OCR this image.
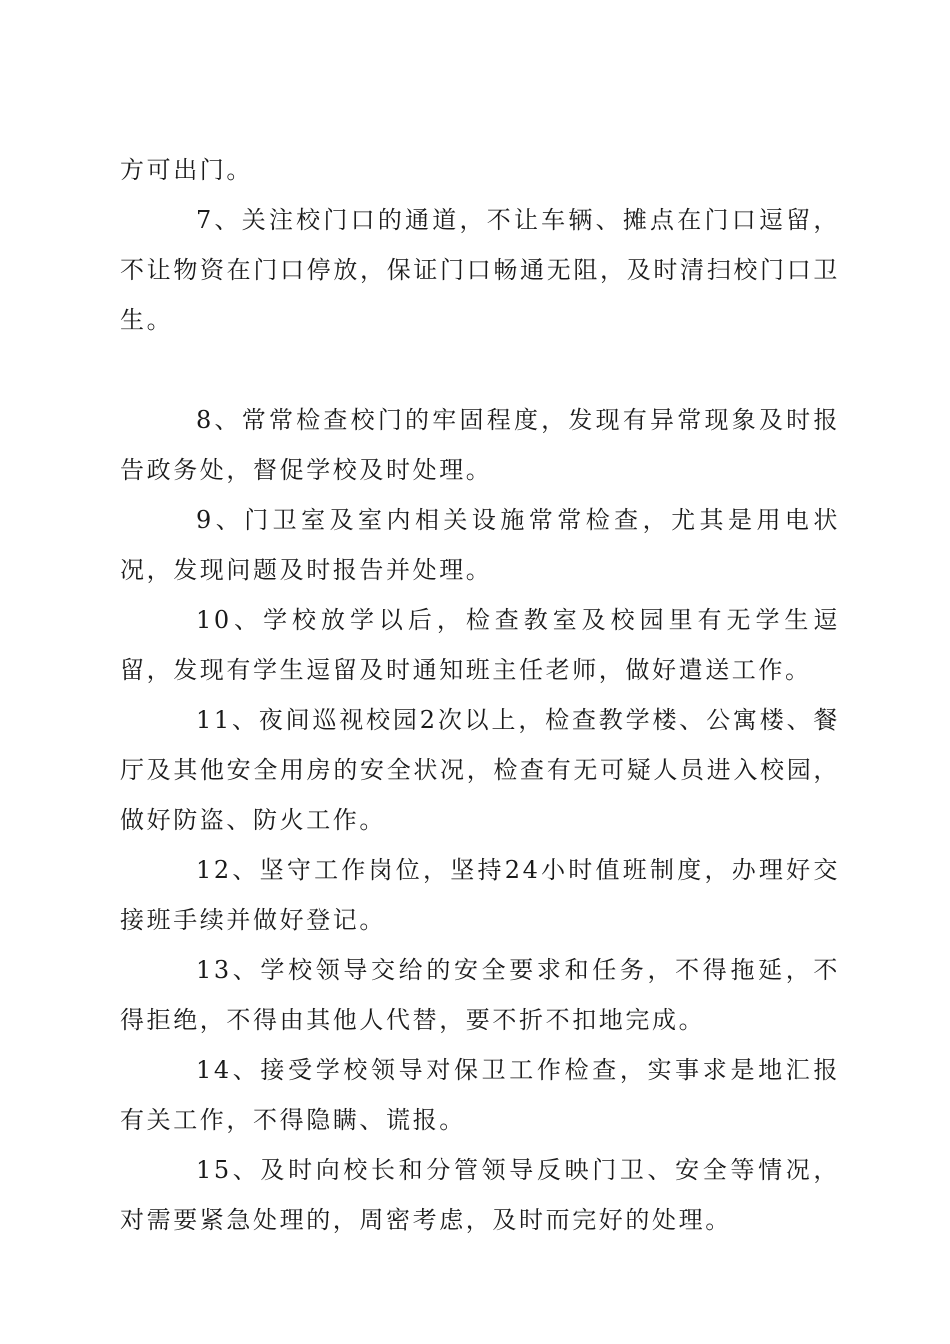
方可出门。

7、关注校门口的通道，不让车辆、摊点在门口逗留，不让物资在门口停放，保证门口畅通无阻，及时清扫校门口卫生。

8、常常检查校门的牢固程度，发现有异常现象及时报告政务处，督促学校及时处理。

9、门卫室及室内相关设施常常检查，尤其是用电状况，发现问题及时报告并处理。

10、学校放学以后，检查教室及校园里有无学生逗留，发现有学生逗留及时通知班主任老师，做好遣送工作。

11、夜间巡视校园2次以上，检查教学楼、公寓楼、餐厅及其他安全用房的安全状况，检查有无可疑人员进入校园，做好防盗、防火工作。

12、坚守工作岗位，坚持24小时值班制度，办理好交接班手续并做好登记。

13、学校领导交给的安全要求和任务，不得拖延，不得拒绝，不得由其他人代替，要不折不扣地完成。

14、接受学校领导对保卫工作检查，实事求是地汇报有关工作，不得隐瞒、谎报。

15、及时向校长和分管领导反映门卫、安全等情况，对需要紧急处理的，周密考虑，及时而完好的处理。
